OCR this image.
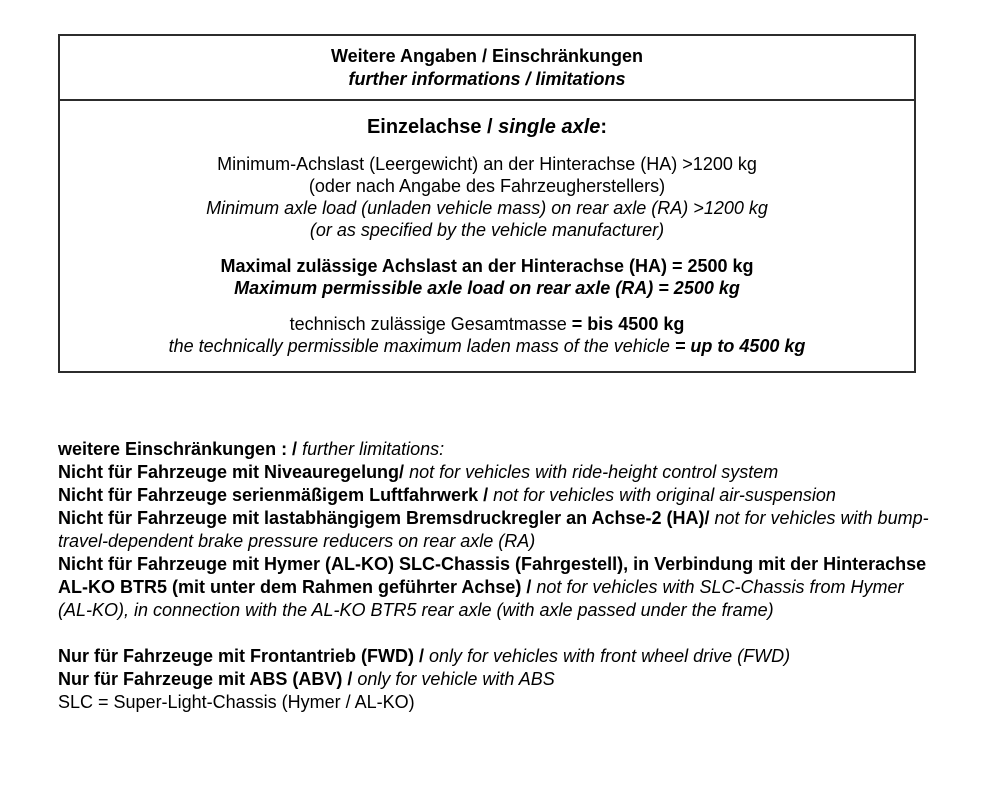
Weitere Angaben / Einschränkungen
further informations / limitations
Einzelachse / single axle:

Minimum-Achslast (Leergewicht) an der Hinterachse (HA) >1200 kg

(oder nach Angabe des Fahrzeugherstellers)

Minimum axle load (unladen vehicle mass) on rear axle (RA) >1200 kg

(or as specified by the vehicle manufacturer)

Maximal zulässige Achslast an der Hinterachse (HA) = 2500 kg

Maximum permissible axle load on rear axle (RA) = 2500 kg

technisch zulässige Gesamtmasse = bis 4500 kg

the technically permissible maximum laden mass of the vehicle = up to 4500 kg

weitere Einschränkungen : / further limitations:

Nicht für Fahrzeuge mit Niveauregelung/ not for vehicles with ride-height control system

Nicht für Fahrzeuge serienmäßigem Luftfahrwerk / not for vehicles with original air-suspension

Nicht für Fahrzeuge mit lastabhängigem Bremsdruckregler an Achse-2 (HA)/ not for vehicles with bump-travel-dependent brake pressure reducers on rear axle (RA)

Nicht für Fahrzeuge mit Hymer (AL-KO) SLC-Chassis (Fahrgestell), in Verbindung mit der Hinterachse AL-KO BTR5 (mit unter dem Rahmen geführter Achse) / not for vehicles with SLC-Chassis from Hymer (AL-KO), in connection with the AL-KO BTR5 rear axle (with axle passed under the frame)

Nur für Fahrzeuge mit Frontantrieb (FWD) / only for vehicles with front wheel drive (FWD)

Nur für Fahrzeuge mit ABS (ABV) / only for vehicle with ABS

SLC = Super-Light-Chassis (Hymer / AL-KO)
